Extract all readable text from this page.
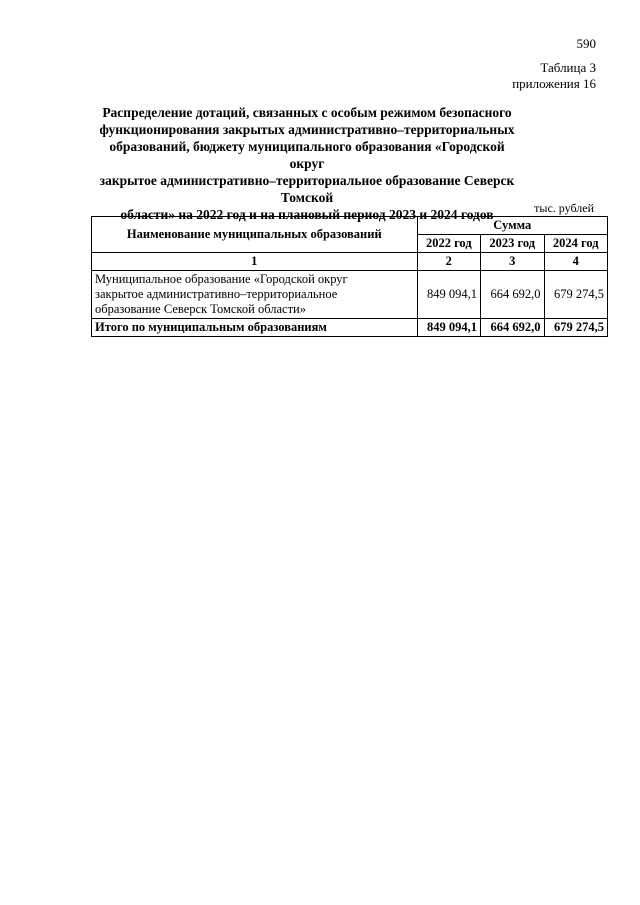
590
Таблица 3
приложения 16
Распределение дотаций, связанных с особым режимом безопасного
функционирования закрытых административно–территориальных
образований, бюджету муниципального образования «Городской округ
закрытое административно–территориальное образование Северск Томской
области» на 2022 год и на плановый период 2023 и 2024 годов	тыс. рублей
Наименование муниципальных образований	Сумма		
	2022 год	2023 год	2024 год
1	2	3	4

Муниципальное образование «Городской округ
закрытое административно–территориальное
образование Северск Томской области»	849 094,1	664 692,0	679 274,5
Итого по муниципальным образованиям	849 094,1	664 692,0	679 274,5
